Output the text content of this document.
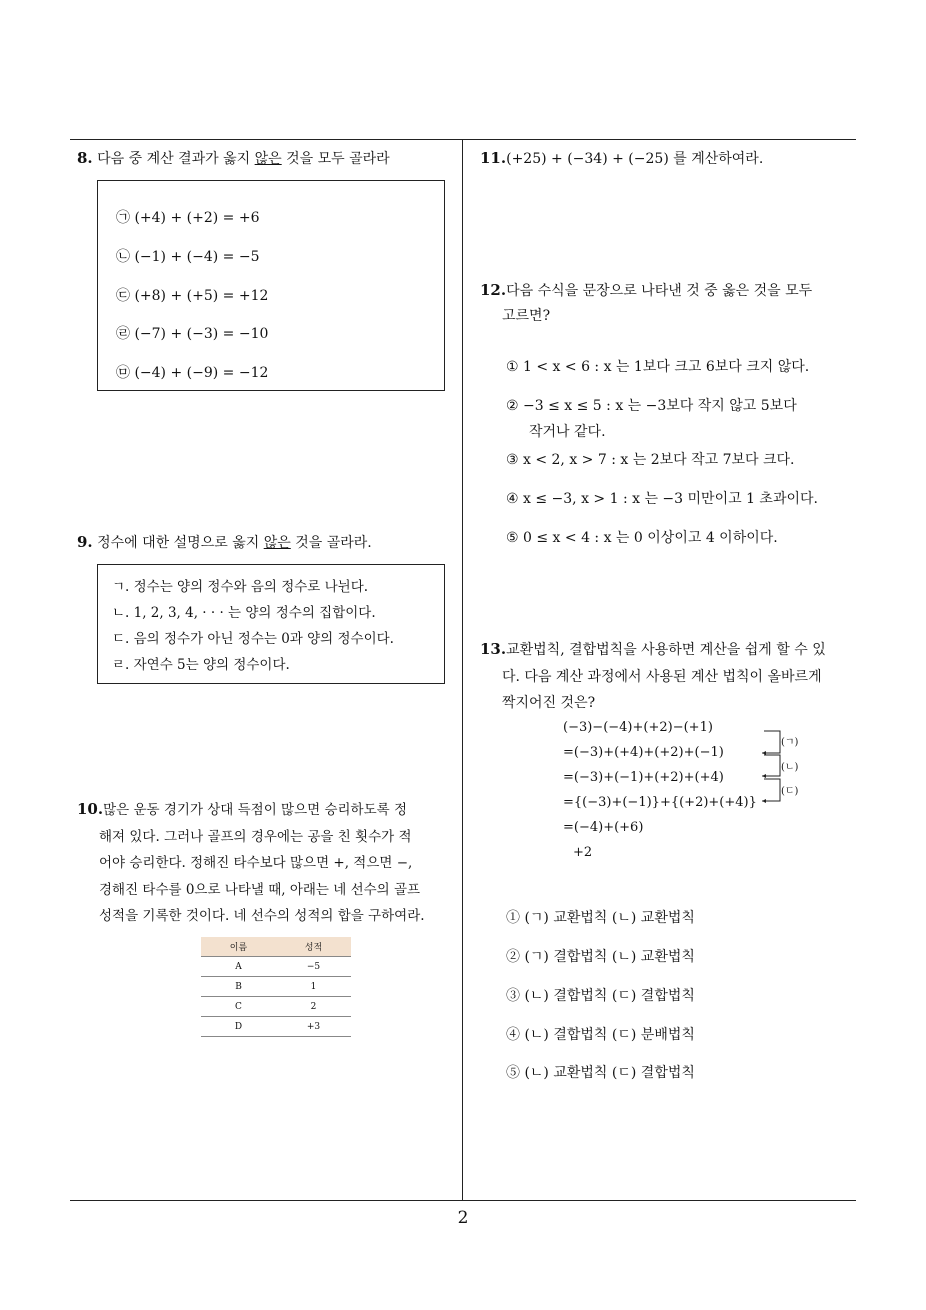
8. 다음 중 계산 결과가 옳지 않은 것을 모두 골라라
㉠ (+4) + (+2) = +6
㉡ (−1) + (−4) = −5
㉢ (+8) + (+5) = +12
㉣ (−7) + (−3) = −10
㉤ (−4) + (−9) = −12
9. 정수에 대한 설명으로 옳지 않은 것을 골라라.
ㄱ. 정수는 양의 정수와 음의 정수로 나뉜다.
ㄴ. 1, 2, 3, 4, · · · 는 양의 정수의 집합이다.
ㄷ. 음의 정수가 아닌 정수는 0과 양의 정수이다.
ㄹ. 자연수 5는 양의 정수이다.
10.많은 운동 경기가 상대 득점이 많으면 승리하도록 정
해져 있다. 그러나 골프의 경우에는 공을 친 횟수가 적
어야 승리한다. 정해진 타수보다 많으면 +, 적으면 −,
경해진 타수를 0으로 나타낼 때, 아래는 네 선수의 골프
성적을 기록한 것이다. 네 선수의 성적의 합을 구하여라.
이름	성적
A	−5
B	1
C	2
D	+3
11.(+25) + (−34) + (−25) 를 계산하여라.
12.다음 수식을 문장으로 나타낸 것 중 옳은 것을 모두
고르면?
① 1 < x < 6 : x 는 1보다 크고 6보다 크지 않다.
② −3 ≤ x ≤ 5 : x 는 −3보다 작지 않고 5보다
작거나 같다.
③ x < 2, x > 7 : x 는 2보다 작고 7보다 크다.
④ x ≤ −3, x > 1 : x 는 −3 미만이고 1 초과이다.
⑤ 0 ≤ x < 4 : x 는 0 이상이고 4 이하이다.
13.교환법칙, 결합법칙을 사용하면 계산을 쉽게 할 수 있
다. 다음 계산 과정에서 사용된 계산 법칙이 올바르게
짝지어진 것은?
(−3)−(−4)+(+2)−(+1)
=(−3)+(+4)+(+2)+(−1)
=(−3)+(−1)+(+2)+(+4)
={(−3)+(−1)}+{(+2)+(+4)}
=(−4)+(+6)
+2
(ㄱ)
(ㄴ)
(ㄷ)
① (ㄱ) 교환법칙 (ㄴ) 교환법칙
② (ㄱ) 결합법칙 (ㄴ) 교환법칙
③ (ㄴ) 결합법칙 (ㄷ) 결합법칙
④ (ㄴ) 결합법칙 (ㄷ) 분배법칙
⑤ (ㄴ) 교환법칙 (ㄷ) 결합법칙
2
